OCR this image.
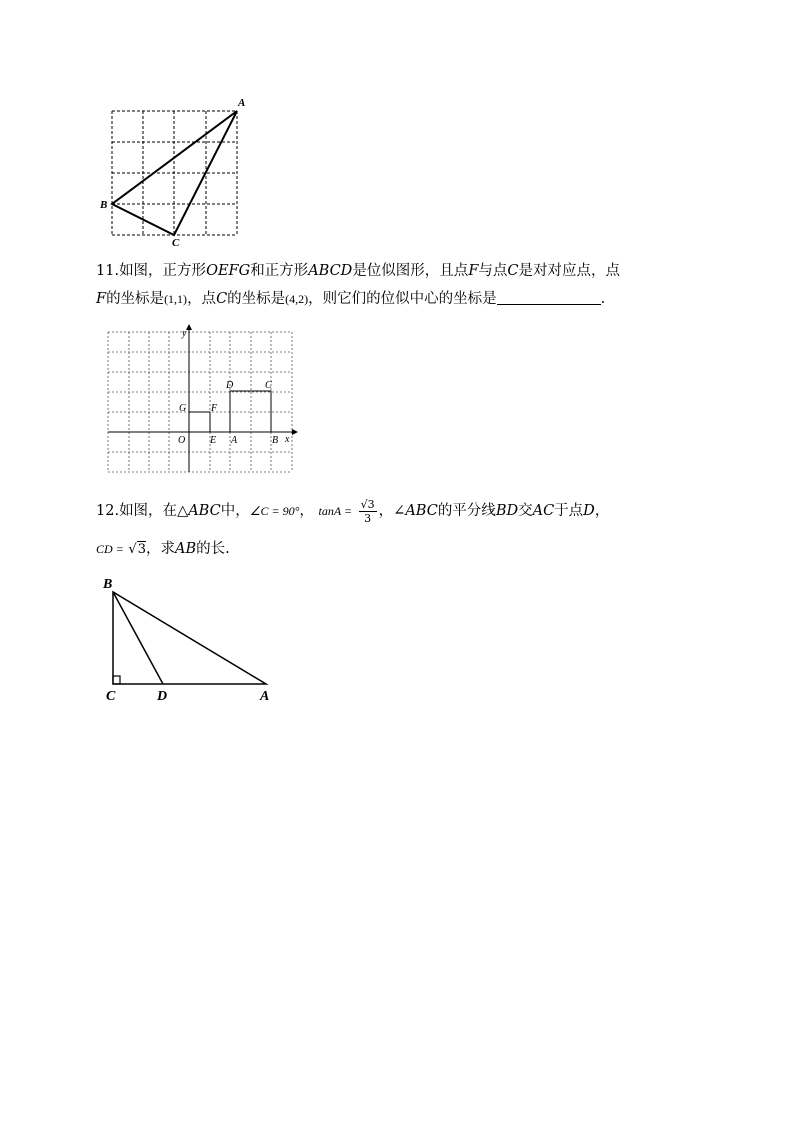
A
B
C
11.如图，正方形OEFG和正方形ABCD是位似图形，且点F与点C是对对应点，点
F的坐标是(1,1)，点C的坐标是(4,2)，则它们的位似中心的坐标是	.
y
x
O E A	B
G F
D	C
12.如图，在△ABC中，∠C = 90°， $\tan A = \frac{√3}{3}$ ，∠ABC的平分线BD交AC于点D，
CD = √3，求AB的长.
B
C	D	A
